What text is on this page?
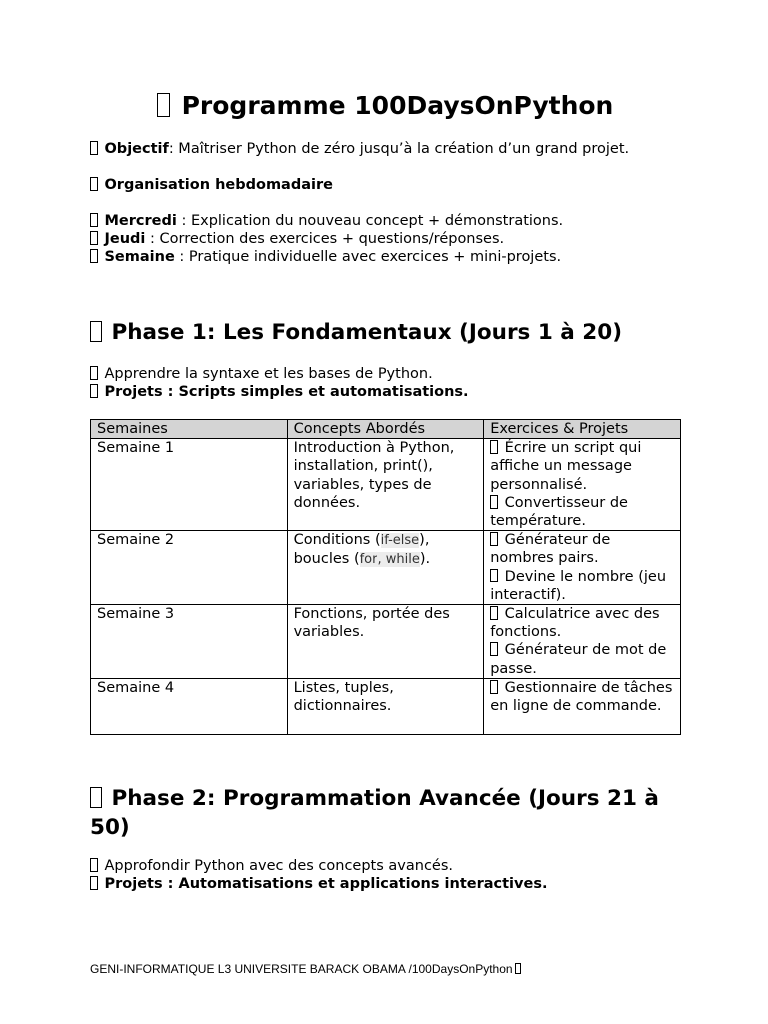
Programme 100DaysOnPython

Objectif: Maîtriser Python de zéro jusqu’à la création d’un grand projet.

Organisation hebdomadaire

Mercredi : Explication du nouveau concept + démonstrations.

Jeudi : Correction des exercices + questions/réponses.

Semaine : Pratique individuelle avec exercices + mini-projets.

Phase 1: Les Fondamentaux (Jours 1 à 20)

Apprendre la syntaxe et les bases de Python.

Projets : Scripts simples et automatisations.

Semaines	Concepts Abordés	Exercices & Projets
Semaine 1	Introduction à Python, installation, print(), variables, types de données.	Écrire un script qui affiche un message personnalisé.
Convertisseur de température.

Semaine 2	Conditions (if-else), boucles (for, while).	Générateur de nombres pairs.
Devine le nombre (jeu interactif).

Semaine 3	Fonctions, portée des variables.	Calculatrice avec des fonctions.
Générateur de mot de passe.

Semaine 4	Listes, tuples, dictionnaires.	Gestionnaire de tâches en ligne de commande.
Phase 2: Programmation Avancée (Jours 21 à 50)

Approfondir Python avec des concepts avancés.

Projets : Automatisations et applications interactives.

GENI-INFORMATIQUE L3 UNIVERSITE BARACK OBAMA /100DaysOnPython
